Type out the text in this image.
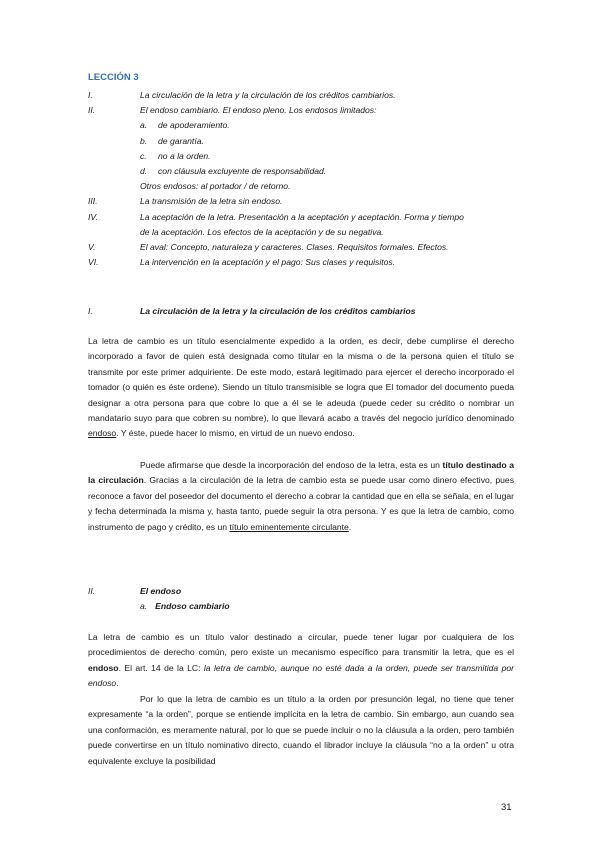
LECCIÓN 3
I.	La circulación de la letra y la circulación de los créditos cambiarios.
II.	El endoso cambiario. El endoso pleno. Los endosos limitados:
a.	de apoderamiento.
b.	de garantía.
c.	no a la orden.
d.	con cláusula excluyente de responsabilidad.
Otros endosos: al portador / de retorno.
III.	La transmisión de la letra sin endoso.
IV.	La aceptación de la letra. Presentación a la aceptación y aceptación. Forma y tiempo
de la aceptación. Los efectos de la aceptación y de su negativa.
V.	El aval: Concepto, naturaleza y caracteres. Clases. Requisitos formales. Efectos.
VI.	La intervención en la aceptación y el pago: Sus clases y requisitos.
I.	La circulación de la letra y la circulación de los créditos cambiarios
La letra de cambio es un título esencialmente expedido a la orden, es decir, debe cumplirse el derecho incorporado a favor de quien está designada como titular en la misma o de la persona quien el título se transmite por este primer adquiriente. De este modo, estará legitimado para ejercer el derecho incorporado el tomador (o quién es éste ordene). Siendo un título transmisible se logra que El tomador del documento pueda designar a otra persona para que cobre lo que a él se le adeuda (puede ceder su crédito o nombrar un mandatario suyo para que cobren su nombre), lo que llevará acabo a través del negocio jurídico denominado endoso. Y éste, puede hacer lo mismo, en virtud de un nuevo endoso.
Puede afirmarse que desde la incorporación del endoso de la letra, esta es un título destinado a la circulación. Gracias a la circulación de la letra de cambio esta se puede usar como dinero efectivo, pues reconoce a favor del poseedor del documento el derecho a cobrar la cantidad que en ella se señala, en el lugar y fecha determinada la misma y, hasta tanto, puede seguir la otra persona. Y es que la letra de cambio, como instrumento de pago y crédito, es un título eminentemente circulante.
II.	El endoso
a. Endoso cambiario
La letra de cambio es un título valor destinado a circular, puede tener lugar por cualquiera de los procedimientos de derecho común, pero existe un mecanismo específico para transmitir la letra, que es el endoso. El art. 14 de la LC: la letra de cambio, aunque no esté dada a la orden, puede ser transmitida por endoso.
Por lo que la letra de cambio es un título a la orden por presunción legal, no tiene que tener expresamente “a la orden”, porque se entiende implícita en la letra de cambio. Sin embargo, aun cuando sea una conformación, es meramente natural, por lo que se puede incluir o no la cláusula a la orden, pero también puede convertirse en un título nominativo directo, cuando el librador incluye la cláusula “no a la orden” u otra equivalente excluye la posibilidad
31
